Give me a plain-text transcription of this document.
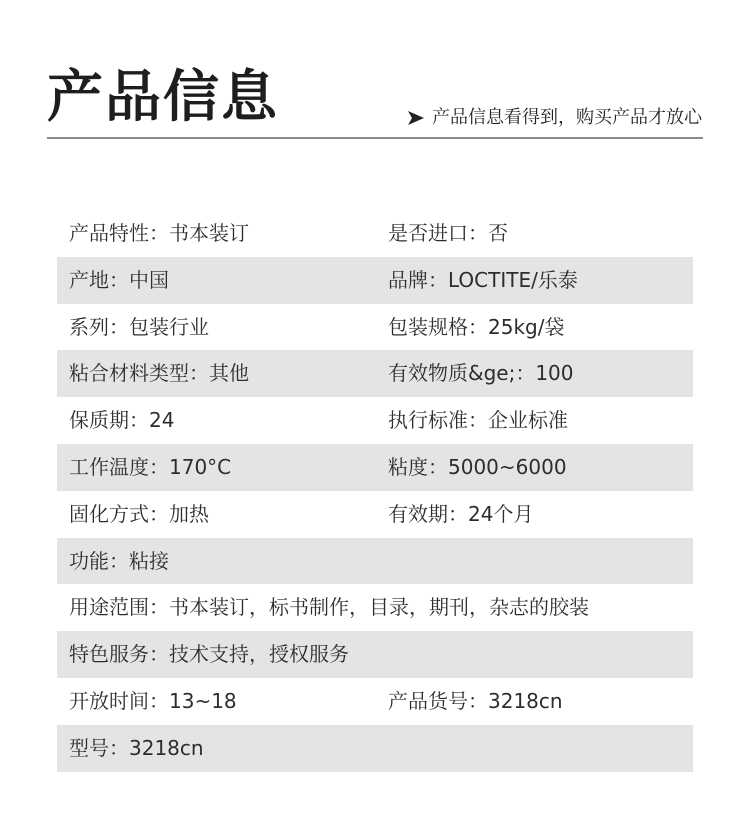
产品信息	产品信息看得到，购买产品才放心
产品特性：书本装订	是否进口：否
产地：中国	品牌：LOCTITE/乐泰
系列：包装行业	包装规格：25kg/袋
粘合材料类型：其他	有效物质&ge;：100
保质期：24	执行标准：企业标准
工作温度：170°C	粘度：5000~6000
固化方式：加热	有效期：24个月
功能：粘接
用途范围：书本装订，标书制作，目录，期刊，杂志的胶装
特色服务：技术支持，授权服务
开放时间：13~18	产品货号：3218cn
型号：3218cn
